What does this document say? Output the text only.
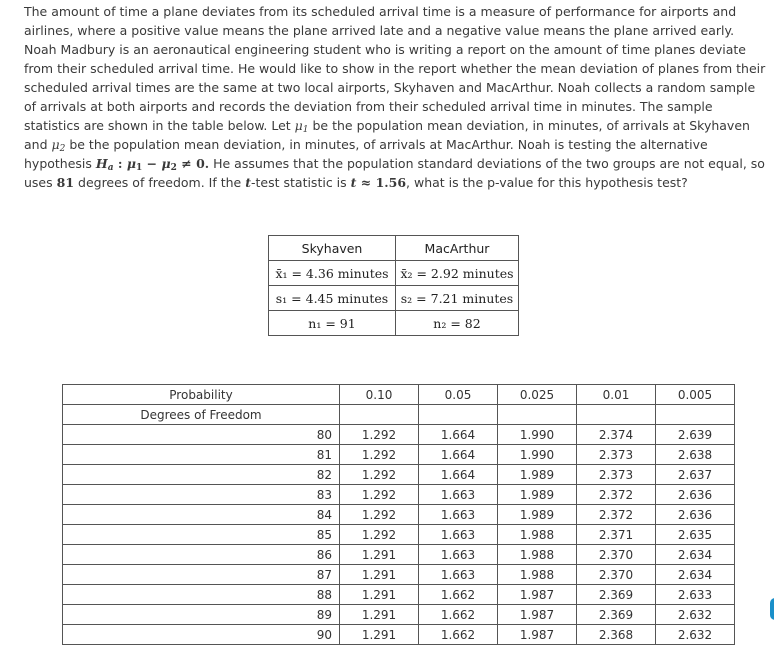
The amount of time a plane deviates from its scheduled arrival time is a measure of performance for airports and airlines, where a positive value means the plane arrived late and a negative value means the plane arrived early. Noah Madbury is an aeronautical engineering student who is writing a report on the amount of time planes deviate from their scheduled arrival time. He would like to show in the report whether the mean deviation of planes from their scheduled arrival times are the same at two local airports, Skyhaven and MacArthur. Noah collects a random sample of arrivals at both airports and records the deviation from their scheduled arrival time in minutes. The sample statistics are shown in the table below. Let $\mu_1$ be the population mean deviation, in minutes, of arrivals at Skyhaven and $\mu_2$ be the population mean deviation, in minutes, of arrivals at MacArthur. Noah is testing the alternative hypothesis $H_a$ : $\mu_1 - \mu_2 \ne 0$. He assumes that the population standard deviations of the two groups are not equal, so uses 81 degrees of freedom. If the t-test statistic is t ≈ 1.56, what is the p-value for this hypothesis test?
Skyhaven	MacArthur
x̄₁ = 4.36 minutes	x̄₂ = 2.92 minutes
s₁ = 4.45 minutes	s₂ = 7.21 minutes
n₁ = 91	n₂ = 82
Probability	0.10	0.05	0.025	0.01	0.005
Degrees of Freedom					
80	1.292	1.664	1.990	2.374	2.639
81	1.292	1.664	1.990	2.373	2.638
82	1.292	1.664	1.989	2.373	2.637
83	1.292	1.663	1.989	2.372	2.636
84	1.292	1.663	1.989	2.372	2.636
85	1.292	1.663	1.988	2.371	2.635
86	1.291	1.663	1.988	2.370	2.634
87	1.291	1.663	1.988	2.370	2.634
88	1.291	1.662	1.987	2.369	2.633
89	1.291	1.662	1.987	2.369	2.632
90	1.291	1.662	1.987	2.368	2.632
